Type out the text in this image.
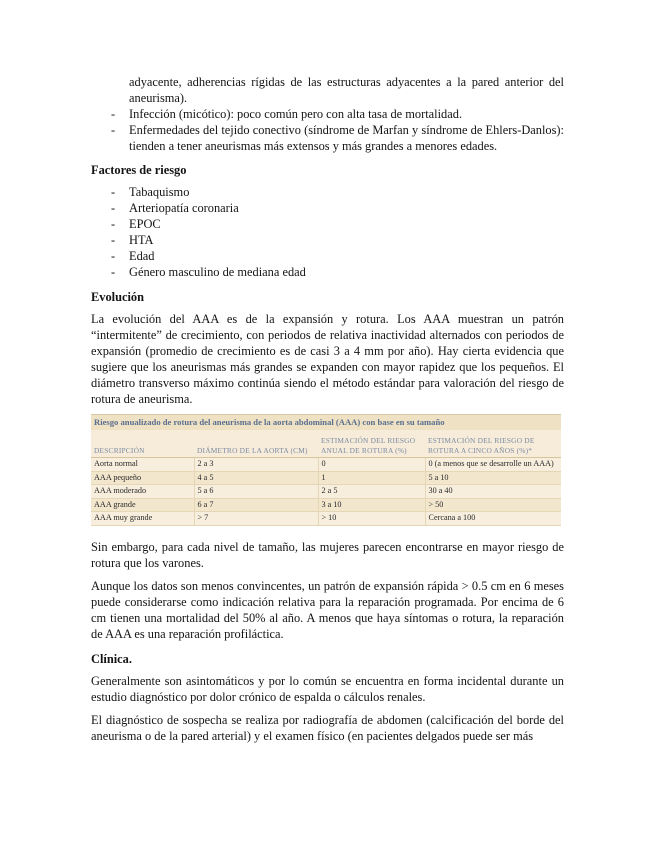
adyacente, adherencias rígidas de las estructuras adyacentes a la pared anterior del aneurisma).

- Infección (micótico): poco común pero con alta tasa de mortalidad.
- Enfermedades del tejido conectivo (síndrome de Marfan y síndrome de Ehlers-Danlos): tienden a tener aneurismas más extensos y más grandes a menores edades.
Factores de riesgo
- Tabaquismo
- Arteriopatía coronaria
- EPOC
- HTA
- Edad
- Género masculino de mediana edad
Evolución

La evolución del AAA es de la expansión y rotura. Los AAA muestran un patrón “intermitente” de crecimiento, con periodos de relativa inactividad alternados con periodos de expansión (promedio de crecimiento es de casi 3 a 4 mm por año). Hay cierta evidencia que sugiere que los aneurismas más grandes se expanden con mayor rapidez que los pequeños. El diámetro transverso máximo continúa siendo el método estándar para valoración del riesgo de rotura de aneurisma.

Riesgo anualizado de rotura del aneurisma de la aorta abdominal (AAA) con base en su tamaño
DESCRIPCIÓN	DIÁMETRO DE LA AORTA (CM)	ESTIMACIÓN DEL RIESGO ANUAL DE ROTURA (%)	ESTIMACIÓN DEL RIESGO DE ROTURA A CINCO AÑOS (%)*
Aorta normal	2 a 3	0	0 (a menos que se desarrolle un AAA)
AAA pequeño	4 a 5	1	5 a 10
AAA moderado	5 a 6	2 a 5	30 a 40
AAA grande	6 a 7	3 a 10	> 50
AAA muy grande	> 7	> 10	Cercana a 100

Sin embargo, para cada nivel de tamaño, las mujeres parecen encontrarse en mayor riesgo de rotura que los varones.

Aunque los datos son menos convincentes, un patrón de expansión rápida > 0.5 cm en 6 meses puede considerarse como indicación relativa para la reparación programada. Por encima de 6 cm tienen una mortalidad del 50% al año. A menos que haya síntomas o rotura, la reparación de AAA es una reparación profiláctica.

Clínica.

Generalmente son asintomáticos y por lo común se encuentra en forma incidental durante un estudio diagnóstico por dolor crónico de espalda o cálculos renales.

El diagnóstico de sospecha se realiza por radiografía de abdomen (calcificación del borde del aneurisma o de la pared arterial) y el examen físico (en pacientes delgados puede ser más
